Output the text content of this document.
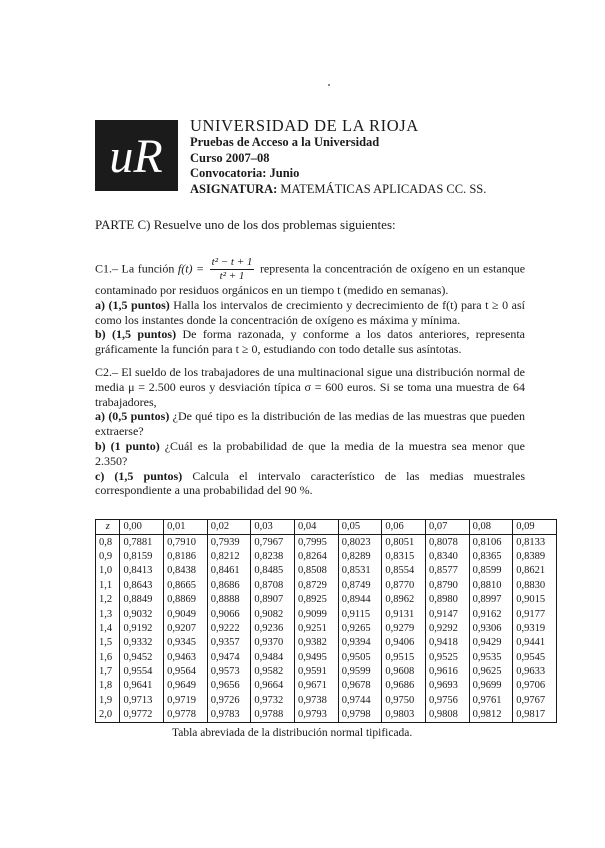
uR
UNIVERSIDAD DE LA RIOJA
Pruebas de Acceso a la Universidad
Curso 2007–08
Convocatoria: Junio
ASIGNATURA: MATEMÁTICAS APLICADAS CC. SS.
PARTE C) Resuelve uno de los dos problemas siguientes:

C1.– La función $f(t) = \frac{\text{t² − t + 1}}{\text{t² + 1}}$ representa la concentración de oxígeno en un estanque contaminado por residuos orgánicos en un tiempo t (medido en semanas).

a) (1,5 puntos) Halla los intervalos de crecimiento y decrecimiento de f(t) para t ≥ 0 así como los instantes donde la concentración de oxígeno es máxima y mínima.

b) (1,5 puntos) De forma razonada, y conforme a los datos anteriores, representa gráficamente la función para t ≥ 0, estudiando con todo detalle sus asíntotas.

C2.– El sueldo de los trabajadores de una multinacional sigue una distribución normal de media μ = 2.500 euros y desviación típica σ = 600 euros. Si se toma una muestra de 64 trabajadores,

a) (0,5 puntos) ¿De qué tipo es la distribución de las medias de las muestras que pueden extraerse?

b) (1 punto) ¿Cuál es la probabilidad de que la media de la muestra sea menor que 2.350?

c) (1,5 puntos) Calcula el intervalo característico de las medias muestrales correspondiente a una probabilidad del 90 %.

z	0,00	0,01	0,02	0,03	0,04	0,05	0,06	0,07	0,08	0,09
0,8	0,7881	0,7910	0,7939	0,7967	0,7995	0,8023	0,8051	0,8078	0,8106	0,8133
0,9	0,8159	0,8186	0,8212	0,8238	0,8264	0,8289	0,8315	0,8340	0,8365	0,8389
1,0	0,8413	0,8438	0,8461	0,8485	0,8508	0,8531	0,8554	0,8577	0,8599	0,8621
1,1	0,8643	0,8665	0,8686	0,8708	0,8729	0,8749	0,8770	0,8790	0,8810	0,8830
1,2	0,8849	0,8869	0,8888	0,8907	0,8925	0,8944	0,8962	0,8980	0,8997	0,9015
1,3	0,9032	0,9049	0,9066	0,9082	0,9099	0,9115	0,9131	0,9147	0,9162	0,9177
1,4	0,9192	0,9207	0,9222	0,9236	0,9251	0,9265	0,9279	0,9292	0,9306	0,9319
1,5	0,9332	0,9345	0,9357	0,9370	0,9382	0,9394	0,9406	0,9418	0,9429	0,9441
1,6	0,9452	0,9463	0,9474	0,9484	0,9495	0,9505	0,9515	0,9525	0,9535	0,9545
1,7	0,9554	0,9564	0,9573	0,9582	0,9591	0,9599	0,9608	0,9616	0,9625	0,9633
1,8	0,9641	0,9649	0,9656	0,9664	0,9671	0,9678	0,9686	0,9693	0,9699	0,9706
1,9	0,9713	0,9719	0,9726	0,9732	0,9738	0,9744	0,9750	0,9756	0,9761	0,9767
2,0	0,9772	0,9778	0,9783	0,9788	0,9793	0,9798	0,9803	0,9808	0,9812	0,9817
Tabla abreviada de la distribución normal tipificada.
